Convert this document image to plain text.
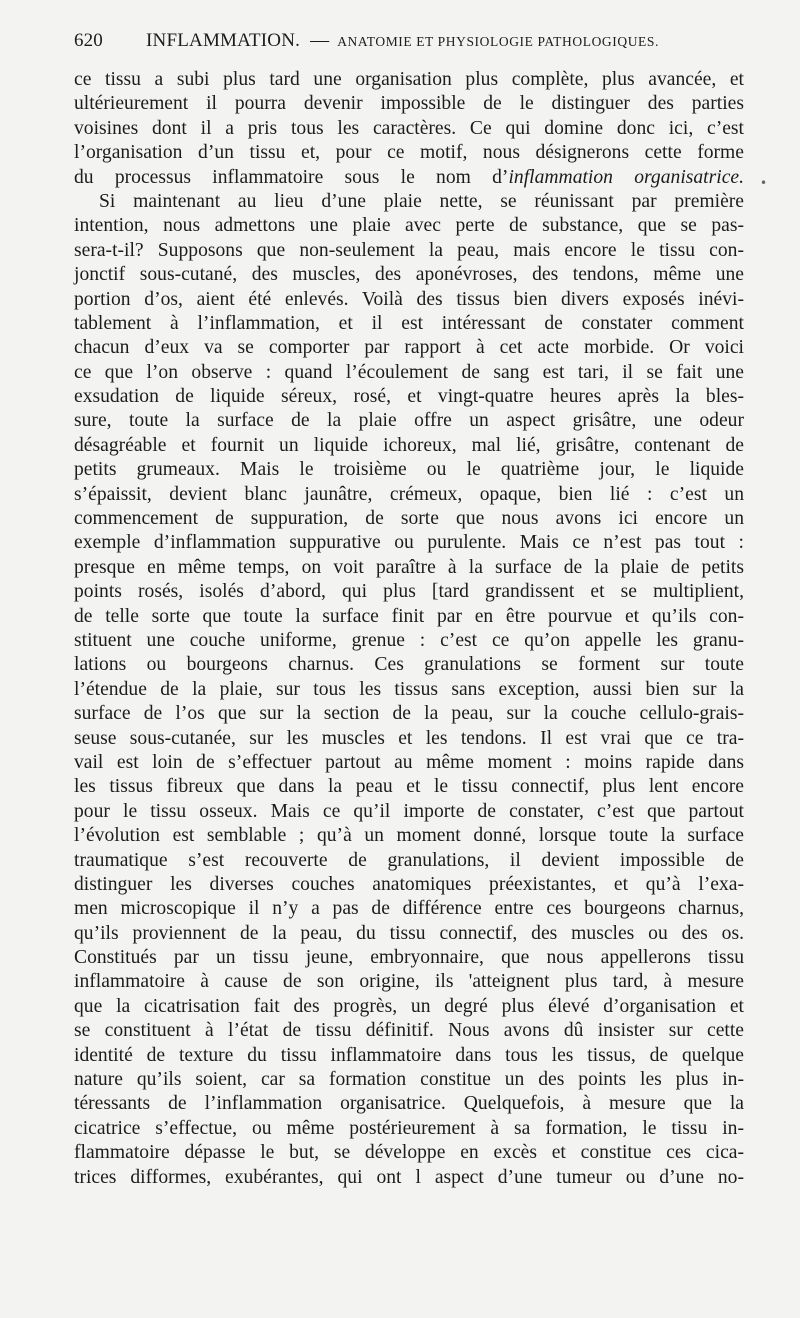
620	INFLAMMATION. — ANATOMIE ET PHYSIOLOGIE PATHOLOGIQUES.
ce tissu a subi plus tard une organisation plus complète, plus avancée, et
ultérieurement il pourra devenir impossible de le distinguer des parties
voisines dont il a pris tous les caractères. Ce qui domine donc ici, c’est
l’organisation d’un tissu et, pour ce motif, nous désignerons cette forme
du processus inflammatoire sous le nom d’inflammation organisatrice.
Si maintenant au lieu d’une plaie nette, se réunissant par première
intention, nous admettons une plaie avec perte de substance, que se pas-
sera-t-il? Supposons que non-seulement la peau, mais encore le tissu con-
jonctif sous-cutané, des muscles, des aponévroses, des tendons, même une
portion d’os, aient été enlevés. Voilà des tissus bien divers exposés inévi-
tablement à l’inflammation, et il est intéressant de constater comment
chacun d’eux va se comporter par rapport à cet acte morbide. Or voici
ce que l’on observe : quand l’écoulement de sang est tari, il se fait une
exsudation de liquide séreux, rosé, et vingt-quatre heures après la bles-
sure, toute la surface de la plaie offre un aspect grisâtre, une odeur
désagréable et fournit un liquide ichoreux, mal lié, grisâtre, contenant de
petits grumeaux. Mais le troisième ou le quatrième jour, le liquide
s’épaissit, devient blanc jaunâtre, crémeux, opaque, bien lié : c’est un
commencement de suppuration, de sorte que nous avons ici encore un
exemple d’inflammation suppurative ou purulente. Mais ce n’est pas tout :
presque en même temps, on voit paraître à la surface de la plaie de petits
points rosés, isolés d’abord, qui plus [tard grandissent et se multiplient,
de telle sorte que toute la surface finit par en être pourvue et qu’ils con-
stituent une couche uniforme, grenue : c’est ce qu’on appelle les granu-
lations ou bourgeons charnus. Ces granulations se forment sur toute
l’étendue de la plaie, sur tous les tissus sans exception, aussi bien sur la
surface de l’os que sur la section de la peau, sur la couche cellulo-grais-
seuse sous-cutanée, sur les muscles et les tendons. Il est vrai que ce tra-
vail est loin de s’effectuer partout au même moment : moins rapide dans
les tissus fibreux que dans la peau et le tissu connectif, plus lent encore
pour le tissu osseux. Mais ce qu’il importe de constater, c’est que partout
l’évolution est semblable ; qu’à un moment donné, lorsque toute la surface
traumatique s’est recouverte de granulations, il devient impossible de
distinguer les diverses couches anatomiques préexistantes, et qu’à l’exa-
men microscopique il n’y a pas de différence entre ces bourgeons charnus,
qu’ils proviennent de la peau, du tissu connectif, des muscles ou des os.
Constitués par un tissu jeune, embryonnaire, que nous appellerons tissu
inflammatoire à cause de son origine, ils 'atteignent plus tard, à mesure
que la cicatrisation fait des progrès, un degré plus élevé d’organisation et
se constituent à l’état de tissu définitif. Nous avons dû insister sur cette
identité de texture du tissu inflammatoire dans tous les tissus, de quelque
nature qu’ils soient, car sa formation constitue un des points les plus in-
téressants de l’inflammation organisatrice. Quelquefois, à mesure que la
cicatrice s’effectue, ou même postérieurement à sa formation, le tissu in-
flammatoire dépasse le but, se développe en excès et constitue ces cica-
trices difformes, exubérantes, qui ont l aspect d’une tumeur ou d’une no-
•
